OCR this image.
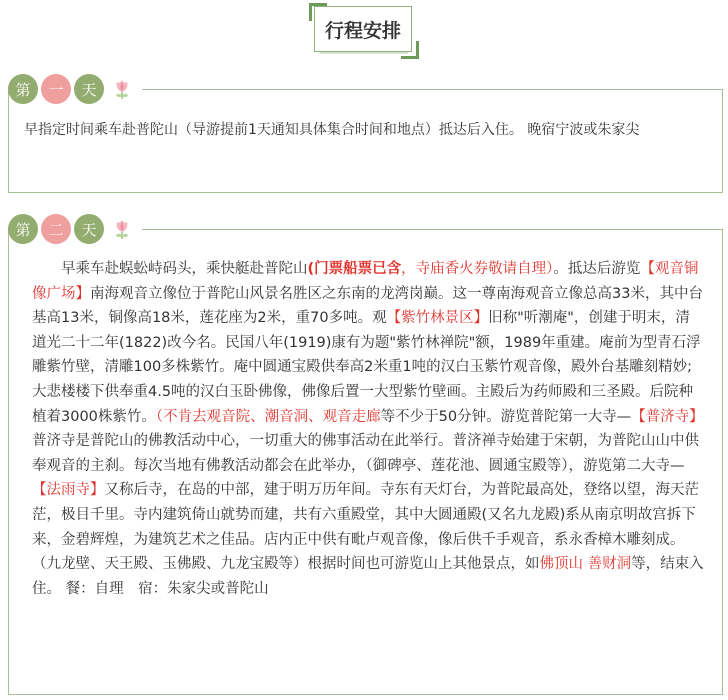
行程安排
第	一	天
早指定时间乘车赴普陀山（导游提前1天通知具体集合时间和地点）抵达后入住。 晚宿宁波或朱家尖
第	二	天
早乘车赴蜈蚣峙码头，乘快艇赴普陀山(门票船票已含，寺庙香火券敬请自理）。抵达后游览【观音铜像广场】南海观音立像位于普陀山风景名胜区之东南的龙湾岗巅。这一尊南海观音立像总高33米，其中台基高13米，铜像高18米，莲花座为2米，重70多吨。观【紫竹林景区】旧称"听潮庵"，创建于明末，清道光二十二年(1822)改今名。民国八年(1919)康有为题"紫竹林禅院"额，1989年重建。庵前为型青石浮雕紫竹壁，清雕100多株紫竹。庵中圆通宝殿供奉高2米重1吨的汉白玉紫竹观音像，殿外台基雕刻精妙;大悲楼楼下供奉重4.5吨的汉白玉卧佛像，佛像后置一大型紫竹壁画。主殿后为药师殿和三圣殿。后院种植着3000株紫竹。（不肯去观音院、潮音洞、观音走廊等不少于50分钟。游览普陀第一大寺—【普济寺】普济寺是普陀山的佛教活动中心，一切重大的佛事活动在此举行。普济禅寺始建于宋朝，为普陀山山中供奉观音的主刹。每次当地有佛教活动都会在此举办，（御碑亭、莲花池、圆通宝殿等），游览第二大寺—【法雨寺】又称后寺，在岛的中部，建于明万历年间。寺东有天灯台，为普陀最高处，登络以望，海天茫茫，极目千里。寺内建筑倚山就势而建，共有六重殿堂，其中大圆通殿(又名九龙殿)系从南京明故宫拆下来，金碧辉煌，为建筑艺术之佳品。店内正中供有毗卢观音像，像后供千手观音，系永香樟木雕刻成。（九龙壁、天王殿、玉佛殿、九龙宝殿等）根据时间也可游览山上其他景点，如佛顶山 善财洞等，结束入住。 餐：自理　宿：朱家尖或普陀山
